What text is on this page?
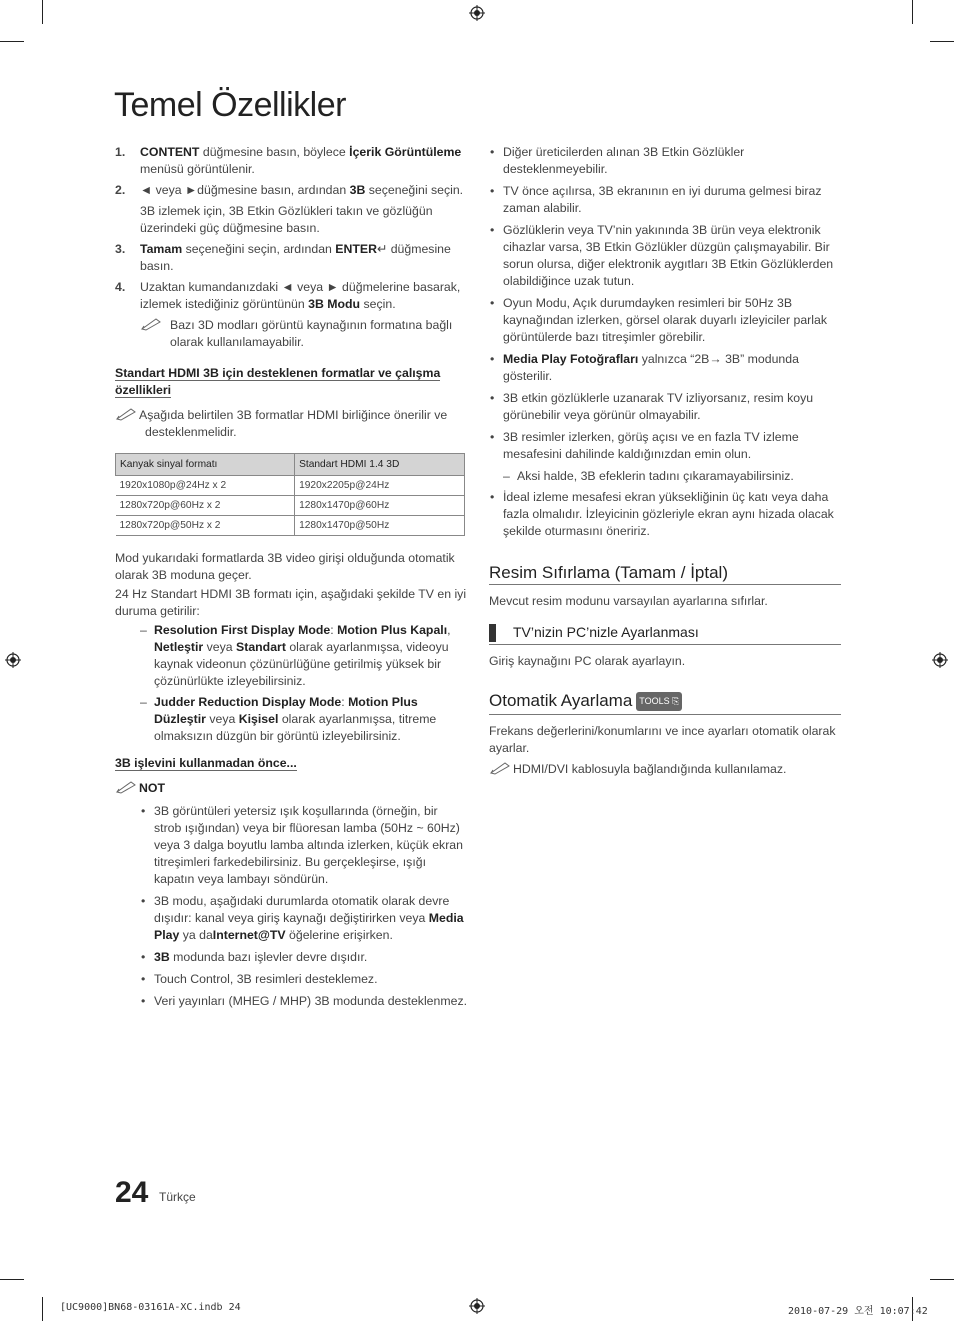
Temel Özellikler
1. CONTENT düğmesine basın, böylece İçerik Görüntüleme menüsü görüntülenir.
2. ◄ veya ►düğmesine basın, ardından 3B seçeneğini seçin.
3B izlemek için, 3B Etkin Gözlükleri takın ve gözlüğün üzerindeki güç düğmesine basın.
3. Tamam seçeneğini seçin, ardından ENTER↵ düğmesine basın.
4. Uzaktan kumandanızdaki ◄ veya ► düğmelerine basarak, izlemek istediğiniz görüntünün 3B Modu seçin.
Bazı 3D modları görüntü kaynağının formatına bağlı olarak kullanılamayabilir.
Standart HDMI 3B için desteklenen formatlar ve çalışma özellikleri
Aşağıda belirtilen 3B formatlar HDMI birliğince önerilir ve desteklenmelidir.
Kanyak sinyal formatı	Standart HDMI 1.4 3D
1920x1080p@24Hz x 2	1920x2205p@24Hz
1280x720p@60Hz x 2	1280x1470p@60Hz
1280x720p@50Hz x 2	1280x1470p@50Hz
Mod yukarıdaki formatlarda 3B video girişi olduğunda otomatik olarak 3B moduna geçer.
24 Hz Standart HDMI 3B formatı için, aşağıdaki şekilde TV en iyi duruma getirilir:
– Resolution First Display Mode: Motion Plus Kapalı, Netleştir veya Standart olarak ayarlanmışsa, videoyu kaynak videonun çözünürlüğüne getirilmiş yüksek bir çözünürlükte izleyebilirsiniz.
– Judder Reduction Display Mode: Motion Plus Düzleştir veya Kişisel olarak ayarlanmışsa, titreme olmaksızın düzgün bir görüntü izleyebilirsiniz.
3B işlevini kullanmadan önce...
NOT
• 3B görüntüleri yetersiz ışık koşullarında (örneğin, bir strob ışığından) veya bir flüoresan lamba (50Hz ~ 60Hz) veya 3 dalga boyutlu lamba altında izlerken, küçük ekran titreşimleri farkedebilirsiniz. Bu gerçekleşirse, ışığı kapatın veya lambayı söndürün.
• 3B modu, aşağıdaki durumlarda otomatik olarak devre dışıdır: kanal veya giriş kaynağı değiştirirken veya Media Play ya daInternet@TV öğelerine erişirken.
• 3B modunda bazı işlevler devre dışıdır.
• Touch Control, 3B resimleri desteklemez.
• Veri yayınları (MHEG / MHP) 3B modunda desteklenmez.
• Diğer üreticilerden alınan 3B Etkin Gözlükler desteklenmeyebilir.
• TV önce açılırsa, 3B ekranının en iyi duruma gelmesi biraz zaman alabilir.
• Gözlüklerin veya TV’nin yakınında 3B ürün veya elektronik cihazlar varsa, 3B Etkin Gözlükler düzgün çalışmayabilir. Bir sorun olursa, diğer elektronik aygıtları 3B Etkin Gözlüklerden olabildiğince uzak tutun.
• Oyun Modu, Açık durumdayken resimleri bir 50Hz 3B kaynağından izlerken, görsel olarak duyarlı izleyiciler parlak görüntülerde bazı titreşimler görebilir.
• Media Play Fotoğrafları yalnızca “2B→ 3B” modunda gösterilir.
• 3B etkin gözlüklerle uzanarak TV izliyorsanız, resim koyu görünebilir veya görünür olmayabilir.
• 3B resimler izlerken, görüş açısı ve en fazla TV izleme mesafesini dahilinde kaldığınızdan emin olun.
– Aksi halde, 3B efeklerin tadını çıkaramayabilirsiniz.
• İdeal izleme mesafesi ekran yüksekliğinin üç katı veya daha fazla olmalıdır. İzleyicinin gözleriyle ekran aynı hizada olacak şekilde oturmasını öneririz.
Resim Sıfırlama (Tamam / İptal)
Mevcut resim modunu varsayılan ayarlarına sıfırlar.
TV’nizin PC’nizle Ayarlanması
Giriş kaynağını PC olarak ayarlayın.
Otomatik Ayarlama TOOLS ⎘
Frekans değerlerini/konumlarını ve ince ayarları otomatik olarak ayarlar.
HDMI/DVI kablosuyla bağlandığında kullanılamaz.
24 Türkçe
[UC9000]BN68-03161A-XC.indb 24	2010-07-29 오전 10:07:42
